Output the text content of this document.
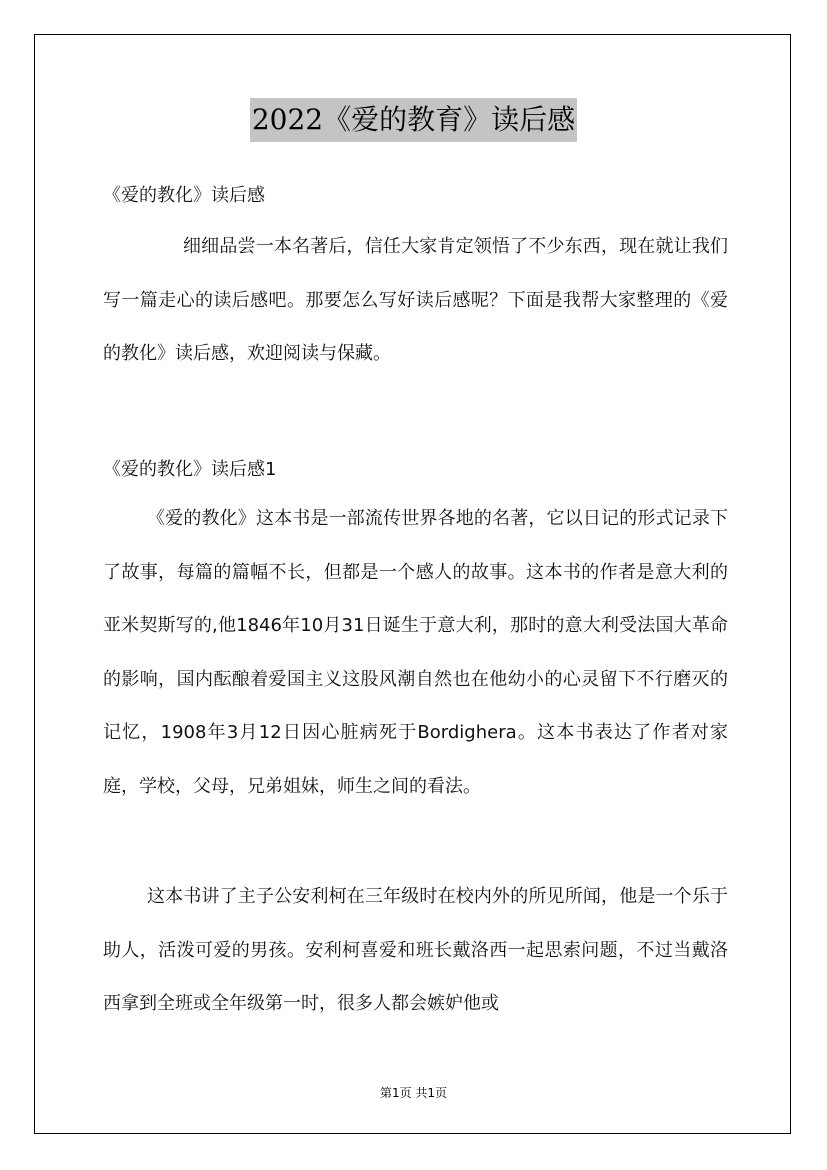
2022《爱的教育》读后感
《爱的教化》读后感
细细品尝一本名著后，信任大家肯定领悟了不少东西，现在就让我们写一篇走心的读后感吧。那要怎么写好读后感呢？下面是我帮大家整理的《爱的教化》读后感，欢迎阅读与保藏。
《爱的教化》读后感1
《爱的教化》这本书是一部流传世界各地的名著，它以日记的形式记录下了故事，每篇的篇幅不长，但都是一个感人的故事。这本书的作者是意大利的亚米契斯写的,他1846年10月31日诞生于意大利，那时的意大利受法国大革命的影响，国内酝酿着爱国主义这股风潮自然也在他幼小的心灵留下不行磨灭的记忆，1908年3月12日因心脏病死于Bordighera。这本书表达了作者对家庭，学校，父母，兄弟姐妹，师生之间的看法。
这本书讲了主子公安利柯在三年级时在校内外的所见所闻，他是一个乐于助人，活泼可爱的男孩。安利柯喜爱和班长戴洛西一起思索问题，不过当戴洛西拿到全班或全年级第一时，很多人都会嫉妒他或
第1页 共1页
